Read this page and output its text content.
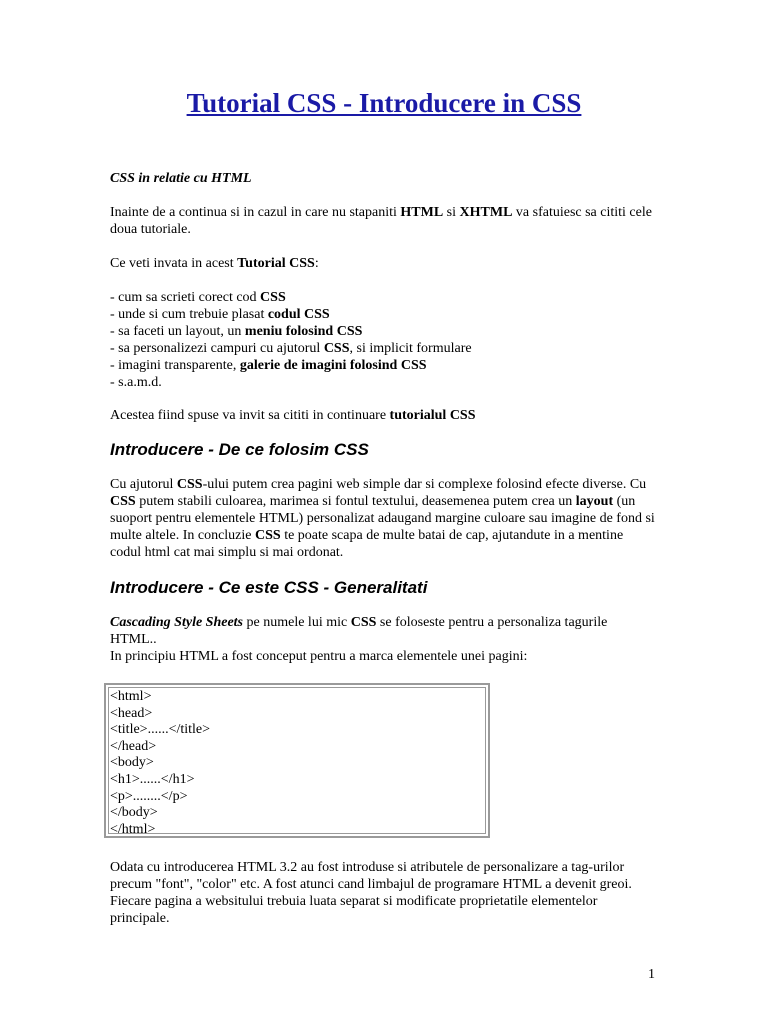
Tutorial CSS - Introducere in CSS

CSS in relatie cu HTML

Inainte de a continua si in cazul in care nu stapaniti HTML si XHTML va sfatuiesc sa cititi cele doua tutoriale.

Ce veti invata in acest Tutorial CSS:

- cum sa scrieti corect cod CSS
- unde si cum trebuie plasat codul CSS
- sa faceti un layout, un meniu folosind CSS
- sa personalizezi campuri cu ajutorul CSS, si implicit formulare
- imagini transparente, galerie de imagini folosind CSS
- s.a.m.d.

Acestea fiind spuse va invit sa cititi in continuare tutorialul CSS

Introducere - De ce folosim CSS

Cu ajutorul CSS-ului putem crea pagini web simple dar si complexe folosind efecte diverse. Cu CSS putem stabili culoarea, marimea si fontul textului, deasemenea putem crea un layout (un suoport pentru elementele HTML) personalizat adaugand margine culoare sau imagine de fond si multe altele. In concluzie CSS te poate scapa de multe batai de cap, ajutandute in a mentine codul html cat mai simplu si mai ordonat.

Introducere - Ce este CSS - Generalitati

Cascading Style Sheets pe numele lui mic CSS se foloseste pentru a personaliza tagurile HTML..

In principiu HTML a fost conceput pentru a marca elementele unei pagini:

<html>
<head>
<title>......</title>
</head>
<body>
<h1>......</h1>
<p>........</p>
</body>
</html>

Odata cu introducerea HTML 3.2 au fost introduse si atributele de personalizare a tag-urilor precum "font", "color" etc. A fost atunci cand limbajul de programare HTML a devenit greoi. Fiecare pagina a websitului trebuia luata separat si modificate proprietatile elementelor principale.

1
